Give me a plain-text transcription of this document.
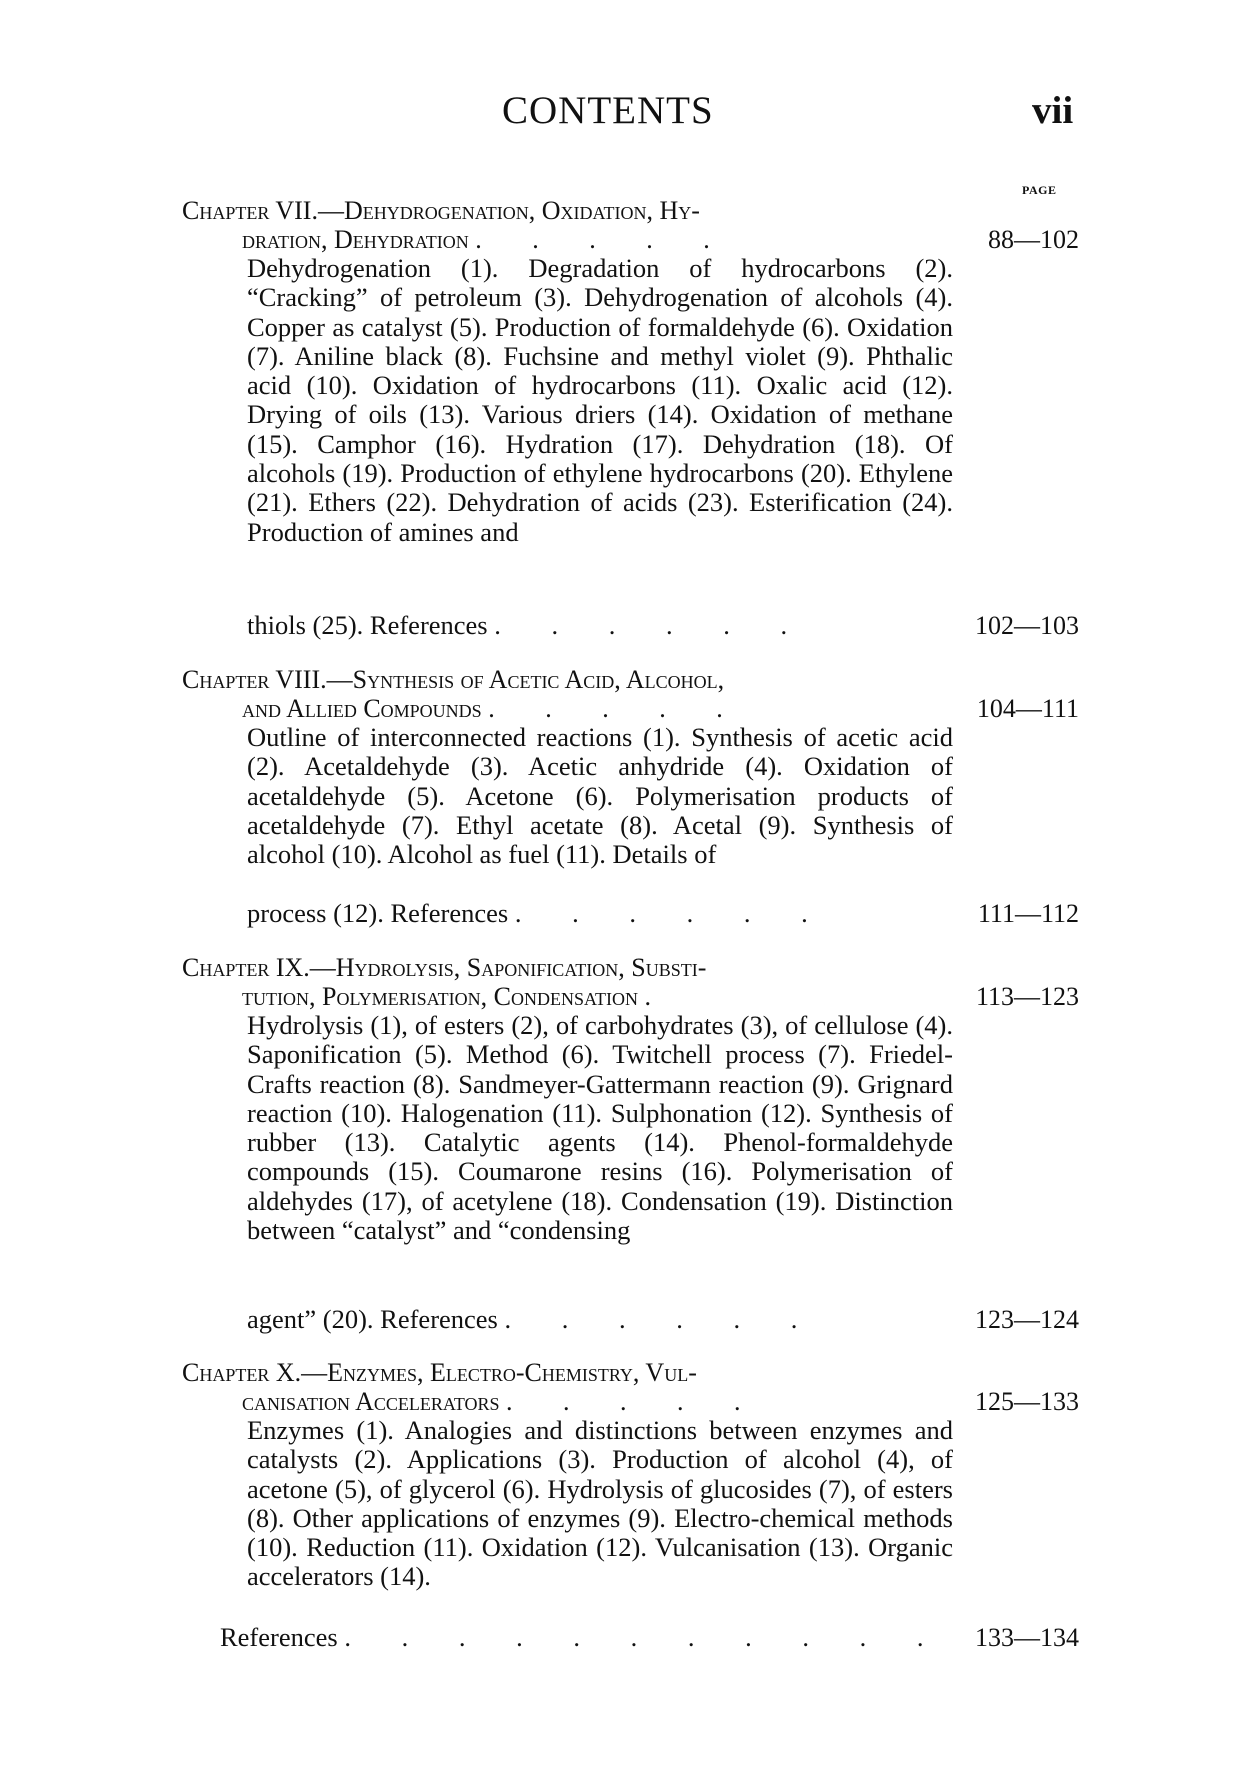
CONTENTS	vii
PAGE
Chapter VII.—Dehydrogenation, Oxidation, Hy-
dration, Dehydration . . . . .	88—102
Dehydrogenation (1). Degradation of hydrocarbons (2). “Cracking” of petroleum (3). Dehydrogenation of alcohols (4). Copper as catalyst (5). Production of formaldehyde (6). Oxidation (7). Aniline black (8). Fuchsine and methyl violet (9). Phthalic acid (10). Oxidation of hydrocarbons (11). Oxalic acid (12). Drying of oils (13). Various driers (14). Oxidation of methane (15). Camphor (16). Hydration (17). Dehydration (18). Of alcohols (19). Production of ethylene hydrocarbons (20). Ethylene (21). Ethers (22). Dehydration of acids (23). Esterification (24). Production of amines and
thiols (25). References . . . . . .	102—103
Chapter VIII.—Synthesis of Acetic Acid, Alcohol,
and Allied Compounds . . . . .	104—111
Outline of interconnected reactions (1). Synthesis of acetic acid (2). Acetaldehyde (3). Acetic anhydride (4). Oxidation of acetaldehyde (5). Acetone (6). Polymerisation products of acetaldehyde (7). Ethyl acetate (8). Acetal (9). Synthesis of alcohol (10). Alcohol as fuel (11). Details of
process (12). References . . . . . .	111—112
Chapter IX.—Hydrolysis, Saponification, Substi-
tution, Polymerisation, Condensation .	113—123
Hydrolysis (1), of esters (2), of carbohydrates (3), of cellulose (4). Saponification (5). Method (6). Twitchell process (7). Friedel-Crafts reaction (8). Sandmeyer-Gattermann reaction (9). Grignard reaction (10). Halogenation (11). Sulphonation (12). Synthesis of rubber (13). Catalytic agents (14). Phenol-formaldehyde compounds (15). Coumarone resins (16). Polymerisation of aldehydes (17), of acetylene (18). Condensation (19). Distinction between “catalyst” and “condensing
agent” (20). References . . . . . .	123—124
Chapter X.—Enzymes, Electro-Chemistry, Vul-
canisation Accelerators . . . . .	125—133
Enzymes (1). Analogies and distinctions between enzymes and catalysts (2). Applications (3). Production of alcohol (4), of acetone (5), of glycerol (6). Hydrolysis of glucosides (7), of esters (8). Other applications of enzymes (9). Electro-chemical methods (10). Reduction (11). Oxidation (12). Vulcanisation (13). Organic accelerators (14).
References . . . . . . . . . . . 133—134
